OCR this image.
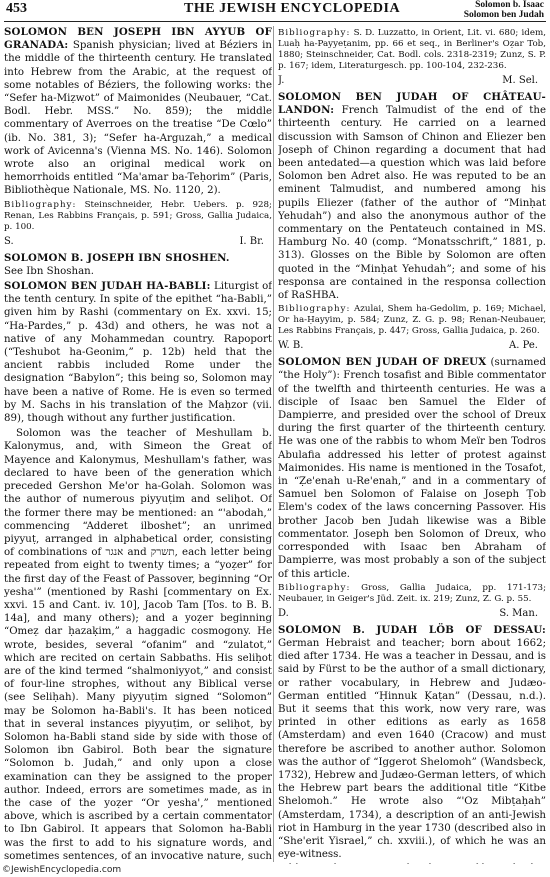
453	THE JEWISH ENCYCLOPEDIA	Solomon b. Isaac
Solomon ben Judah

SOLOMON BEN JOSEPH IBN AYYUB OF GRANADA: Spanish physician; lived at Béziers in the middle of the thirteenth century. He translated into Hebrew from the Arabic, at the request of some notables of Béziers, the following works: the “Sefer ha-Miẓwot” of Maimonides (Neubauer, “Cat. Bodl. Hebr. MSS.” No. 859); the middle commentary of Averroes on the treatise “De Cœlo” (ib. No. 381, 3); “Sefer ha-Arguzah,” a medical work of Avicenna's (Vienna MS. No. 146). Solomon wrote also an original medical work on hemorrhoids entitled “Ma'amar ba-Teḥorim” (Paris, Bibliothèque Nationale, MS. No. 1120, 2).

Bibliography: Steinschneider, Hebr. Uebers. p. 928; Renan, Les Rabbins Français, p. 591; Gross, Gallia Judaica, p. 100.

S.	I. Br.

SOLOMON B. JOSEPH IBN SHOSHEN.
See Ibn Shoshan.

SOLOMON BEN JUDAH HA-BABLI: Liturgist of the tenth century. In spite of the epithet “ha-Babli,” given him by Rashi (commentary on Ex. xxvi. 15; “Ha-Pardes,” p. 43d) and others, he was not a native of any Mohammedan country. Rapoport (“Teshubot ha-Geonim,” p. 12b) held that the ancient rabbis included Rome under the designation “Babylon”; this being so, Solomon may have been a native of Rome. He is even so termed by M. Sachs in his translation of the Maḥzor (vii. 89), though without any further justification.

Solomon was the teacher of Meshullam b. Kalonymus, and, with Simeon the Great of Mayence and Kalonymus, Meshullam's father, was declared to have been of the generation which preceded Gershon Me'or ha-Golah. Solomon was the author of numerous piyyuṭim and seliḥot. Of the former there may be mentioned: an “'abodah,” commencing “Adderet ilboshet”; an unrimed piyyuṭ, arranged in alphabetical order, consisting of combinations of אנגר and תשרק, each letter being repeated from eight to twenty times; a “yoẓer” for the first day of the Feast of Passover, beginning “Or yesha'” (mentioned by Rashi [commentary on Ex. xxvi. 15 and Cant. iv. 10], Jacob Tam [Tos. to B. B. 14a], and many others); and a yoẓer beginning “Omeẓ dar ḥazaḳim,” a haggadic cosmogony. He wrote, besides, several “ofanim” and “zulatot,” which are recited on certain Sabbaths. His seliḥot are of the kind termed “shalmoniyyot,” and consist of four-line strophes, without any Biblical verse (see Seliḥah). Many piyyuṭim signed “Solomon” may be Solomon ha-Babli's. It has been noticed that in several instances piyyuṭim, or seliḥot, by Solomon ha-Babli stand side by side with those of Solomon ibn Gabirol. Both bear the signature “Solomon b. Judah,” and only upon a close examination can they be assigned to the proper author. Indeed, errors are sometimes made, as in the case of the yoẓer “Or yesha',” mentioned above, which is ascribed by a certain commentator to Ibn Gabirol. It appears that Solomon ha-Babli was the first to add to his signature words, and sometimes sentences, of an invocative nature, such

Bibliography: S. D. Luzzatto, in Orient, Lit. vi. 680; idem, Luaḥ ha-Payyeṭanim, pp. 66 et seq., in Berliner's Oẓar Tob, 1880; Steinschneider, Cat. Bodl. cols. 2318-2319; Zunz, S. P. p. 167; idem, Literaturgesch. pp. 100-104, 232-236.

J.	M. Sel.

SOLOMON BEN JUDAH OF CHÂTEAU-LANDON: French Talmudist of the end of the thirteenth century. He carried on a learned discussion with Samson of Chinon and Eliezer ben Joseph of Chinon regarding a document that had been antedated—a question which was laid before Solomon ben Adret also. He was reputed to be an eminent Talmudist, and numbered among his pupils Eliezer (father of the author of “Minḥat Yehudah”) and also the anonymous author of the commentary on the Pentateuch contained in MS. Hamburg No. 40 (comp. “Monatsschrift,” 1881, p. 313). Glosses on the Bible by Solomon are often quoted in the “Minḥat Yehudah”; and some of his responsa are contained in the responsa collection of RaSHBA.

Bibliography: Azulai, Shem ha-Gedolim, p. 169; Michael, Or ha-Ḥayyim, p. 584; Zunz, Z. G. p. 98; Renan-Neubauer, Les Rabbins Français, p. 447; Gross, Gallia Judaica, p. 260.

W. B.	A. Pe.

SOLOMON BEN JUDAH OF DREUX (surnamed “the Holy”): French tosafist and Bible commentator of the twelfth and thirteenth centuries. He was a disciple of Isaac ben Samuel the Elder of Dampierre, and presided over the school of Dreux during the first quarter of the thirteenth century. He was one of the rabbis to whom Meïr ben Todros Abulafia addressed his letter of protest against Maimonides. His name is mentioned in the Tosafot, in “Ẓe'enah u-Re'enah,” and in a commentary of Samuel ben Solomon of Falaise on Joseph Ṭob Elem's codex of the laws concerning Passover. His brother Jacob ben Judah likewise was a Bible commentator. Joseph ben Solomon of Dreux, who corresponded with Isaac ben Abraham of Dampierre, was most probably a son of the subject of this article.

Bibliography: Gross, Gallia Judaica, pp. 171-173; Neubauer, in Geiger's Jüd. Zeit. ix. 219; Zunz, Z. G. p. 55.

D.	S. Man.

SOLOMON B. JUDAH LÖB OF DESSAU: German Hebraist and teacher; born about 1662; died after 1734. He was a teacher in Dessau, and is said by Fürst to be the author of a small dictionary, or rather vocabulary, in Hebrew and Judæo-German entitled “Ḥinnuk Ḳaṭan” (Dessau, n.d.). But it seems that this work, now very rare, was printed in other editions as early as 1658 (Amsterdam) and even 1640 (Cracow) and must therefore be ascribed to another author. Solomon was the author of “Iggerot Shelomoh” (Wandsbeck, 1732), Hebrew and Judæo-German letters, of which the Hebrew part bears the additional title “Kitbe Shelomoh.” He wrote also “'Oz Mibṭaḥah” (Amsterdam, 1734), a description of an anti-Jewish riot in Hamburg in the year 1730 (described also in “She'erit Yisrael,” ch. xxviii.), of which he was an eye-witness.

©JewishEncyclopedia.com
